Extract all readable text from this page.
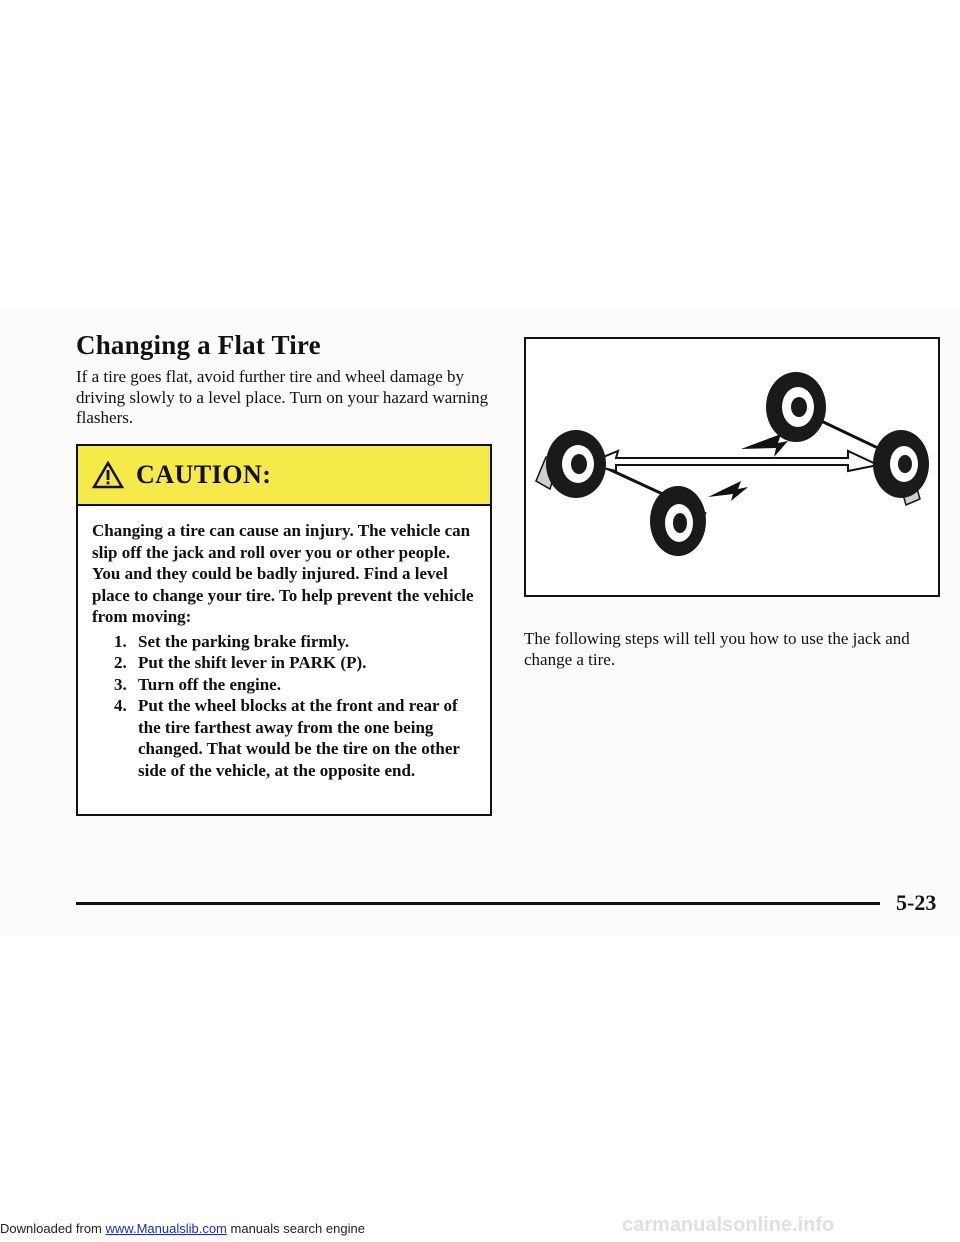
Changing a Flat Tire

If a tire goes flat, avoid further tire and wheel damage by driving slowly to a level place. Turn on your hazard warning flashers.

CAUTION:

Changing a tire can cause an injury. The vehicle can slip off the jack and roll over you or other people. You and they could be badly injured. Find a level place to change your tire. To help prevent the vehicle from moving:

1. Set the parking brake firmly.
2. Put the shift lever in PARK (P).
3. Turn off the engine.
4. Put the wheel blocks at the front and rear of the tire farthest away from the one being changed. That would be the tire on the other side of the vehicle, at the opposite end.

The following steps will tell you how to use the jack and change a tire.

5-23
Downloaded from www.Manualslib.com manuals search engine	carmanualsonline.info
